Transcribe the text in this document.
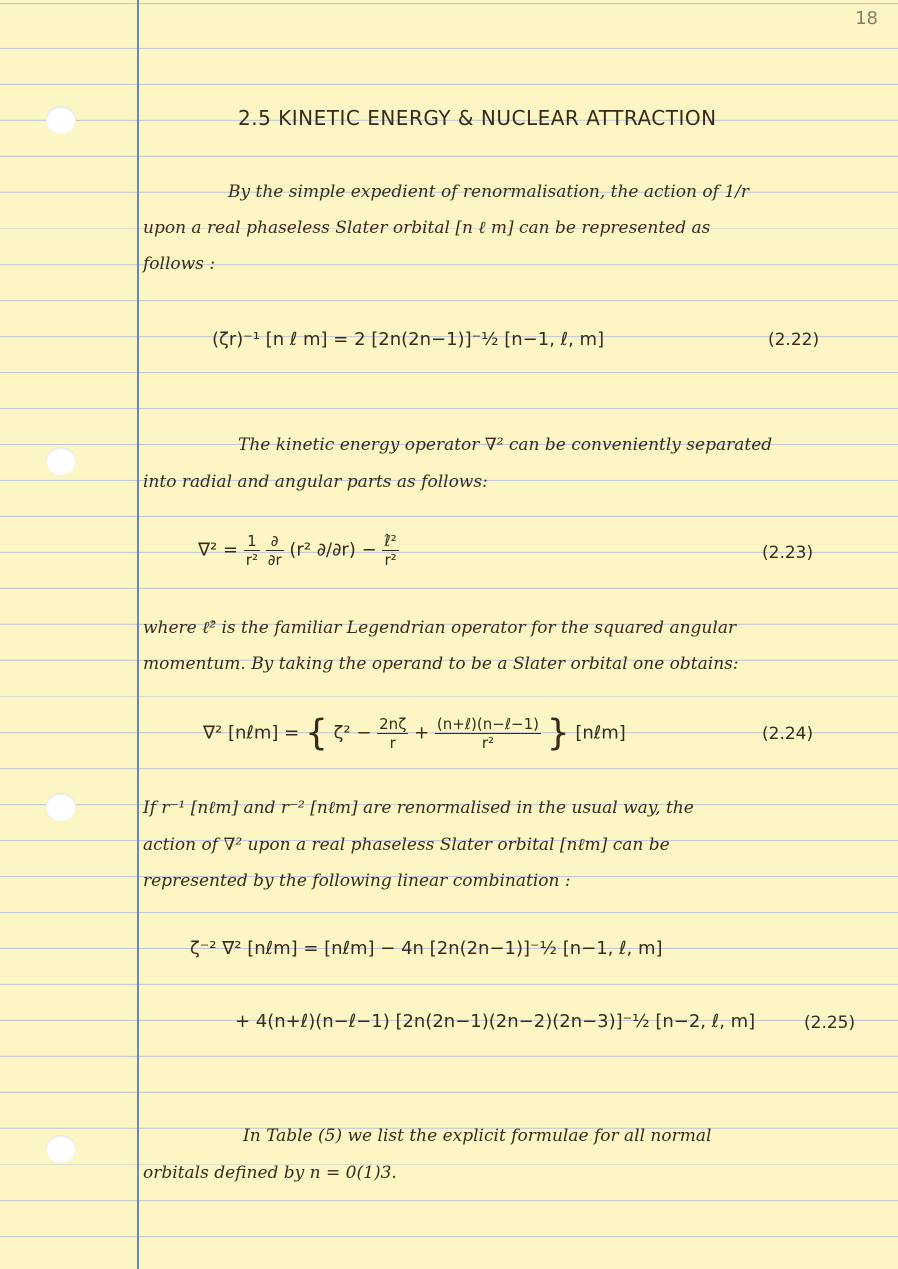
18
2.5 KINETIC ENERGY & NUCLEAR ATTRACTION
By the simple expedient of renormalisation, the action of 1/r
upon a real phaseless Slater orbital [n ℓ m] can be represented as
follows :
(ζr)⁻¹ [n ℓ m] = 2 [2n(2n−1)]⁻½ [n−1, ℓ, m]	(2.22)
The kinetic energy operator ∇² can be conveniently separated
into radial and angular parts as follows:
$\nabla^2 = \frac{1}{\text{r²}}$
$\frac{\partial}{\partial r} (r^2$ $\partial/\partial r) - \frac{\text{ℓ̂²}}{\text{r²}}$	(2.23)
where ℓ̂² is the familiar Legendrian operator for the squared angular
momentum. By taking the operand to be a Slater orbital one obtains:
∇² [nℓm] = { $\zeta^2 - \frac{2n\zeta}{r} + \frac{\text{(n+ℓ)(n−ℓ−1)}}{\text{r²}}$ } [nℓm]	(2.24)
If r⁻¹ [nℓm] and r⁻² [nℓm] are renormalised in the usual way, the
action of ∇² upon a real phaseless Slater orbital [nℓm] can be
represented by the following linear combination :
ζ⁻² ∇² [nℓm] = [nℓm] − 4n [2n(2n−1)]⁻½ [n−1, ℓ, m]
+ 4(n+ℓ)(n−ℓ−1) [2n(2n−1)(2n−2)(2n−3)]⁻½ [n−2, ℓ, m]	(2.25)
In Table (5) we list the explicit formulae for all normal
orbitals defined by n = 0(1)3.
